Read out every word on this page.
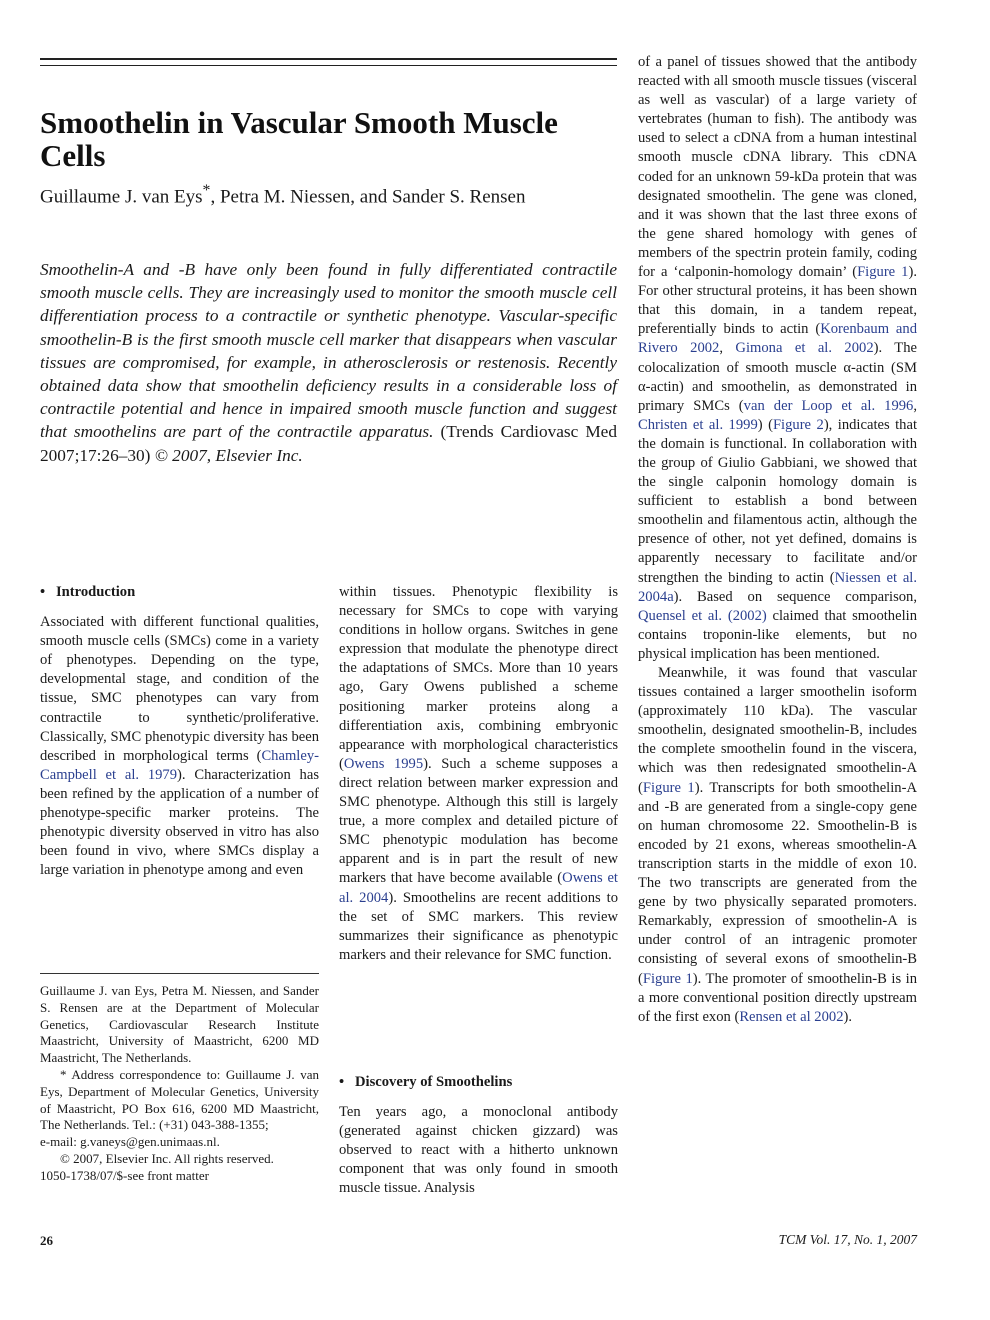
Smoothelin in Vascular Smooth Muscle Cells
Guillaume J. van Eys*, Petra M. Niessen, and Sander S. Rensen
Smoothelin-A and -B have only been found in fully differentiated contractile smooth muscle cells. They are increasingly used to monitor the smooth muscle cell differentiation process to a contractile or synthetic phenotype. Vascular-specific smoothelin-B is the first smooth muscle cell marker that disappears when vascular tissues are compromised, for example, in atherosclerosis or restenosis. Recently obtained data show that smoothelin deficiency results in a considerable loss of contractile potential and hence in impaired smooth muscle function and suggest that smoothelins are part of the contractile apparatus. (Trends Cardiovasc Med 2007;17:26–30) © 2007, Elsevier Inc.
• Introduction

Associated with different functional qualities, smooth muscle cells (SMCs) come in a variety of phenotypes. Depending on the type, developmental stage, and condition of the tissue, SMC phenotypes can vary from contractile to synthetic/proliferative. Classically, SMC phenotypic diversity has been described in morphological terms (Chamley-Campbell et al. 1979). Characterization has been refined by the application of a number of phenotype-specific marker proteins. The phenotypic diversity observed in vitro has also been found in vivo, where SMCs display a large variation in phenotype among and even

Guillaume J. van Eys, Petra M. Niessen, and Sander S. Rensen are at the Department of Molecular Genetics, Cardiovascular Research Institute Maastricht, University of Maastricht, 6200 MD Maastricht, The Netherlands.

* Address correspondence to: Guillaume J. van Eys, Department of Molecular Genetics, University of Maastricht, PO Box 616, 6200 MD Maastricht, The Netherlands. Tel.: (+31) 043-388-1355;

e-mail: g.vaneys@gen.unimaas.nl.

© 2007, Elsevier Inc. All rights reserved.

1050-1738/07/$-see front matter

within tissues. Phenotypic flexibility is necessary for SMCs to cope with varying conditions in hollow organs. Switches in gene expression that modulate the phenotype direct the adaptations of SMCs. More than 10 years ago, Gary Owens published a scheme positioning marker proteins along a differentiation axis, combining embryonic appearance with morphological characteristics (Owens 1995). Such a scheme supposes a direct relation between marker expression and SMC phenotype. Although this still is largely true, a more complex and detailed picture of SMC phenotypic modulation has become apparent and is in part the result of new markers that have become available (Owens et al. 2004). Smoothelins are recent additions to the set of SMC markers. This review summarizes their significance as phenotypic markers and their relevance for SMC function.

• Discovery of Smoothelins

Ten years ago, a monoclonal antibody (generated against chicken gizzard) was observed to react with a hitherto unknown component that was only found in smooth muscle tissue. Analysis

of a panel of tissues showed that the antibody reacted with all smooth muscle tissues (visceral as well as vascular) of a large variety of vertebrates (human to fish). The antibody was used to select a cDNA from a human intestinal smooth muscle cDNA library. This cDNA coded for an unknown 59-kDa protein that was designated smoothelin. The gene was cloned, and it was shown that the last three exons of the gene shared homology with genes of members of the spectrin protein family, coding for a ‘calponin-homology domain’ (Figure 1). For other structural proteins, it has been shown that this domain, in a tandem repeat, preferentially binds to actin (Korenbaum and Rivero 2002, Gimona et al. 2002). The colocalization of smooth muscle α-actin (SM α-actin) and smoothelin, as demonstrated in primary SMCs (van der Loop et al. 1996, Christen et al. 1999) (Figure 2), indicates that the domain is functional. In collaboration with the group of Giulio Gabbiani, we showed that the single calponin homology domain is sufficient to establish a bond between smoothelin and filamentous actin, although the presence of other, not yet defined, domains is apparently necessary to facilitate and/or strengthen the binding to actin (Niessen et al. 2004a). Based on sequence comparison, Quensel et al. (2002) claimed that smoothelin contains troponin-like elements, but no physical implication has been mentioned.

Meanwhile, it was found that vascular tissues contained a larger smoothelin isoform (approximately 110 kDa). The vascular smoothelin, designated smoothelin-B, includes the complete smoothelin found in the viscera, which was then redesignated smoothelin-A (Figure 1). Transcripts for both smoothelin-A and -B are generated from a single-copy gene on human chromosome 22. Smoothelin-B is encoded by 21 exons, whereas smoothelin-A transcription starts in the middle of exon 10. The two transcripts are generated from the gene by two physically separated promoters. Remarkably, expression of smoothelin-A is under control of an intragenic promoter consisting of several exons of smoothelin-B (Figure 1). The promoter of smoothelin-B is in a more conventional position directly upstream of the first exon (Rensen et al 2002).

26	TCM Vol. 17, No. 1, 2007
